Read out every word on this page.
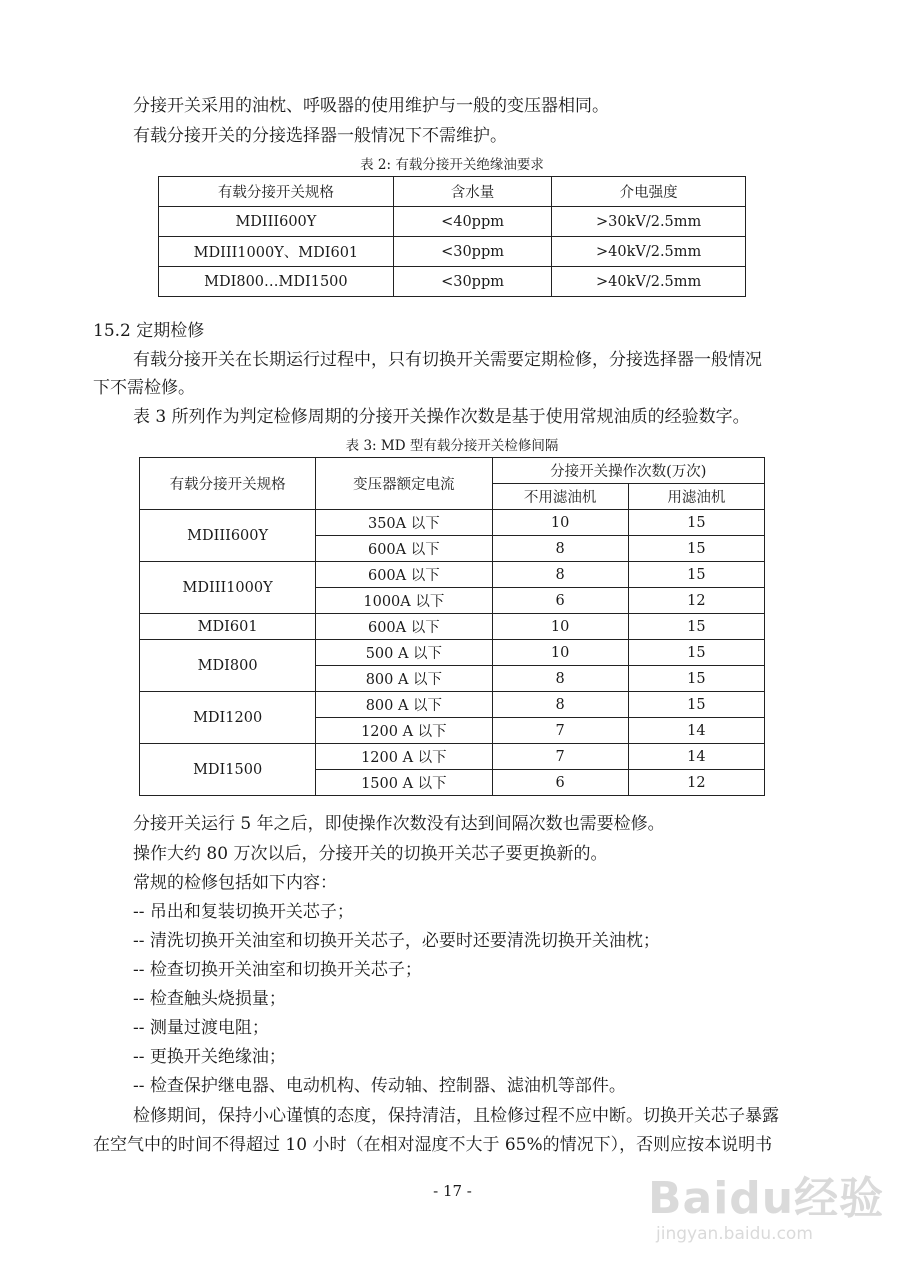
分接开关采用的油枕、呼吸器的使用维护与一般的变压器相同。
有载分接开关的分接选择器一般情况下不需维护。
表 2: 有载分接开关绝缘油要求
有载分接开关规格	含水量	介电强度
MDIII600Y	<40ppm	>30kV/2.5mm
MDIII1000Y、MDI601	<30ppm	>40kV/2.5mm
MDI800…MDI1500	<30ppm	>40kV/2.5mm
15.2 定期检修
有载分接开关在长期运行过程中，只有切换开关需要定期检修，分接选择器一般情况
下不需检修。
表 3 所列作为判定检修周期的分接开关操作次数是基于使用常规油质的经验数字。
表 3: MD 型有载分接开关检修间隔
有载分接开关规格	变压器额定电流	分接开关操作次数(万次)	
		不用滤油机	用滤油机
MDIII600Y	350A 以下	10	15
	600A 以下	8	15
MDIII1000Y	600A 以下	8	15
	1000A 以下	6	12
MDI601	600A 以下	10	15
MDI800	500 A 以下	10	15
	800 A 以下	8	15
MDI1200	800 A 以下	8	15
	1200 A 以下	7	14
MDI1500	1200 A 以下	7	14
	1500 A 以下	6	12
分接开关运行 5 年之后，即使操作次数没有达到间隔次数也需要检修。
操作大约 80 万次以后，分接开关的切换开关芯子要更换新的。
常规的检修包括如下内容：
-- 吊出和复装切换开关芯子；
-- 清洗切换开关油室和切换开关芯子，必要时还要清洗切换开关油枕；
-- 检查切换开关油室和切换开关芯子；
-- 检查触头烧损量；
-- 测量过渡电阻；
-- 更换开关绝缘油；
-- 检查保护继电器、电动机构、传动轴、控制器、滤油机等部件。
检修期间，保持小心谨慎的态度，保持清洁，且检修过程不应中断。切换开关芯子暴露
在空气中的时间不得超过 10 小时（在相对湿度不大于 65%的情况下），否则应按本说明书
- 17 -	Baidu经验
jingyan.baidu.com
